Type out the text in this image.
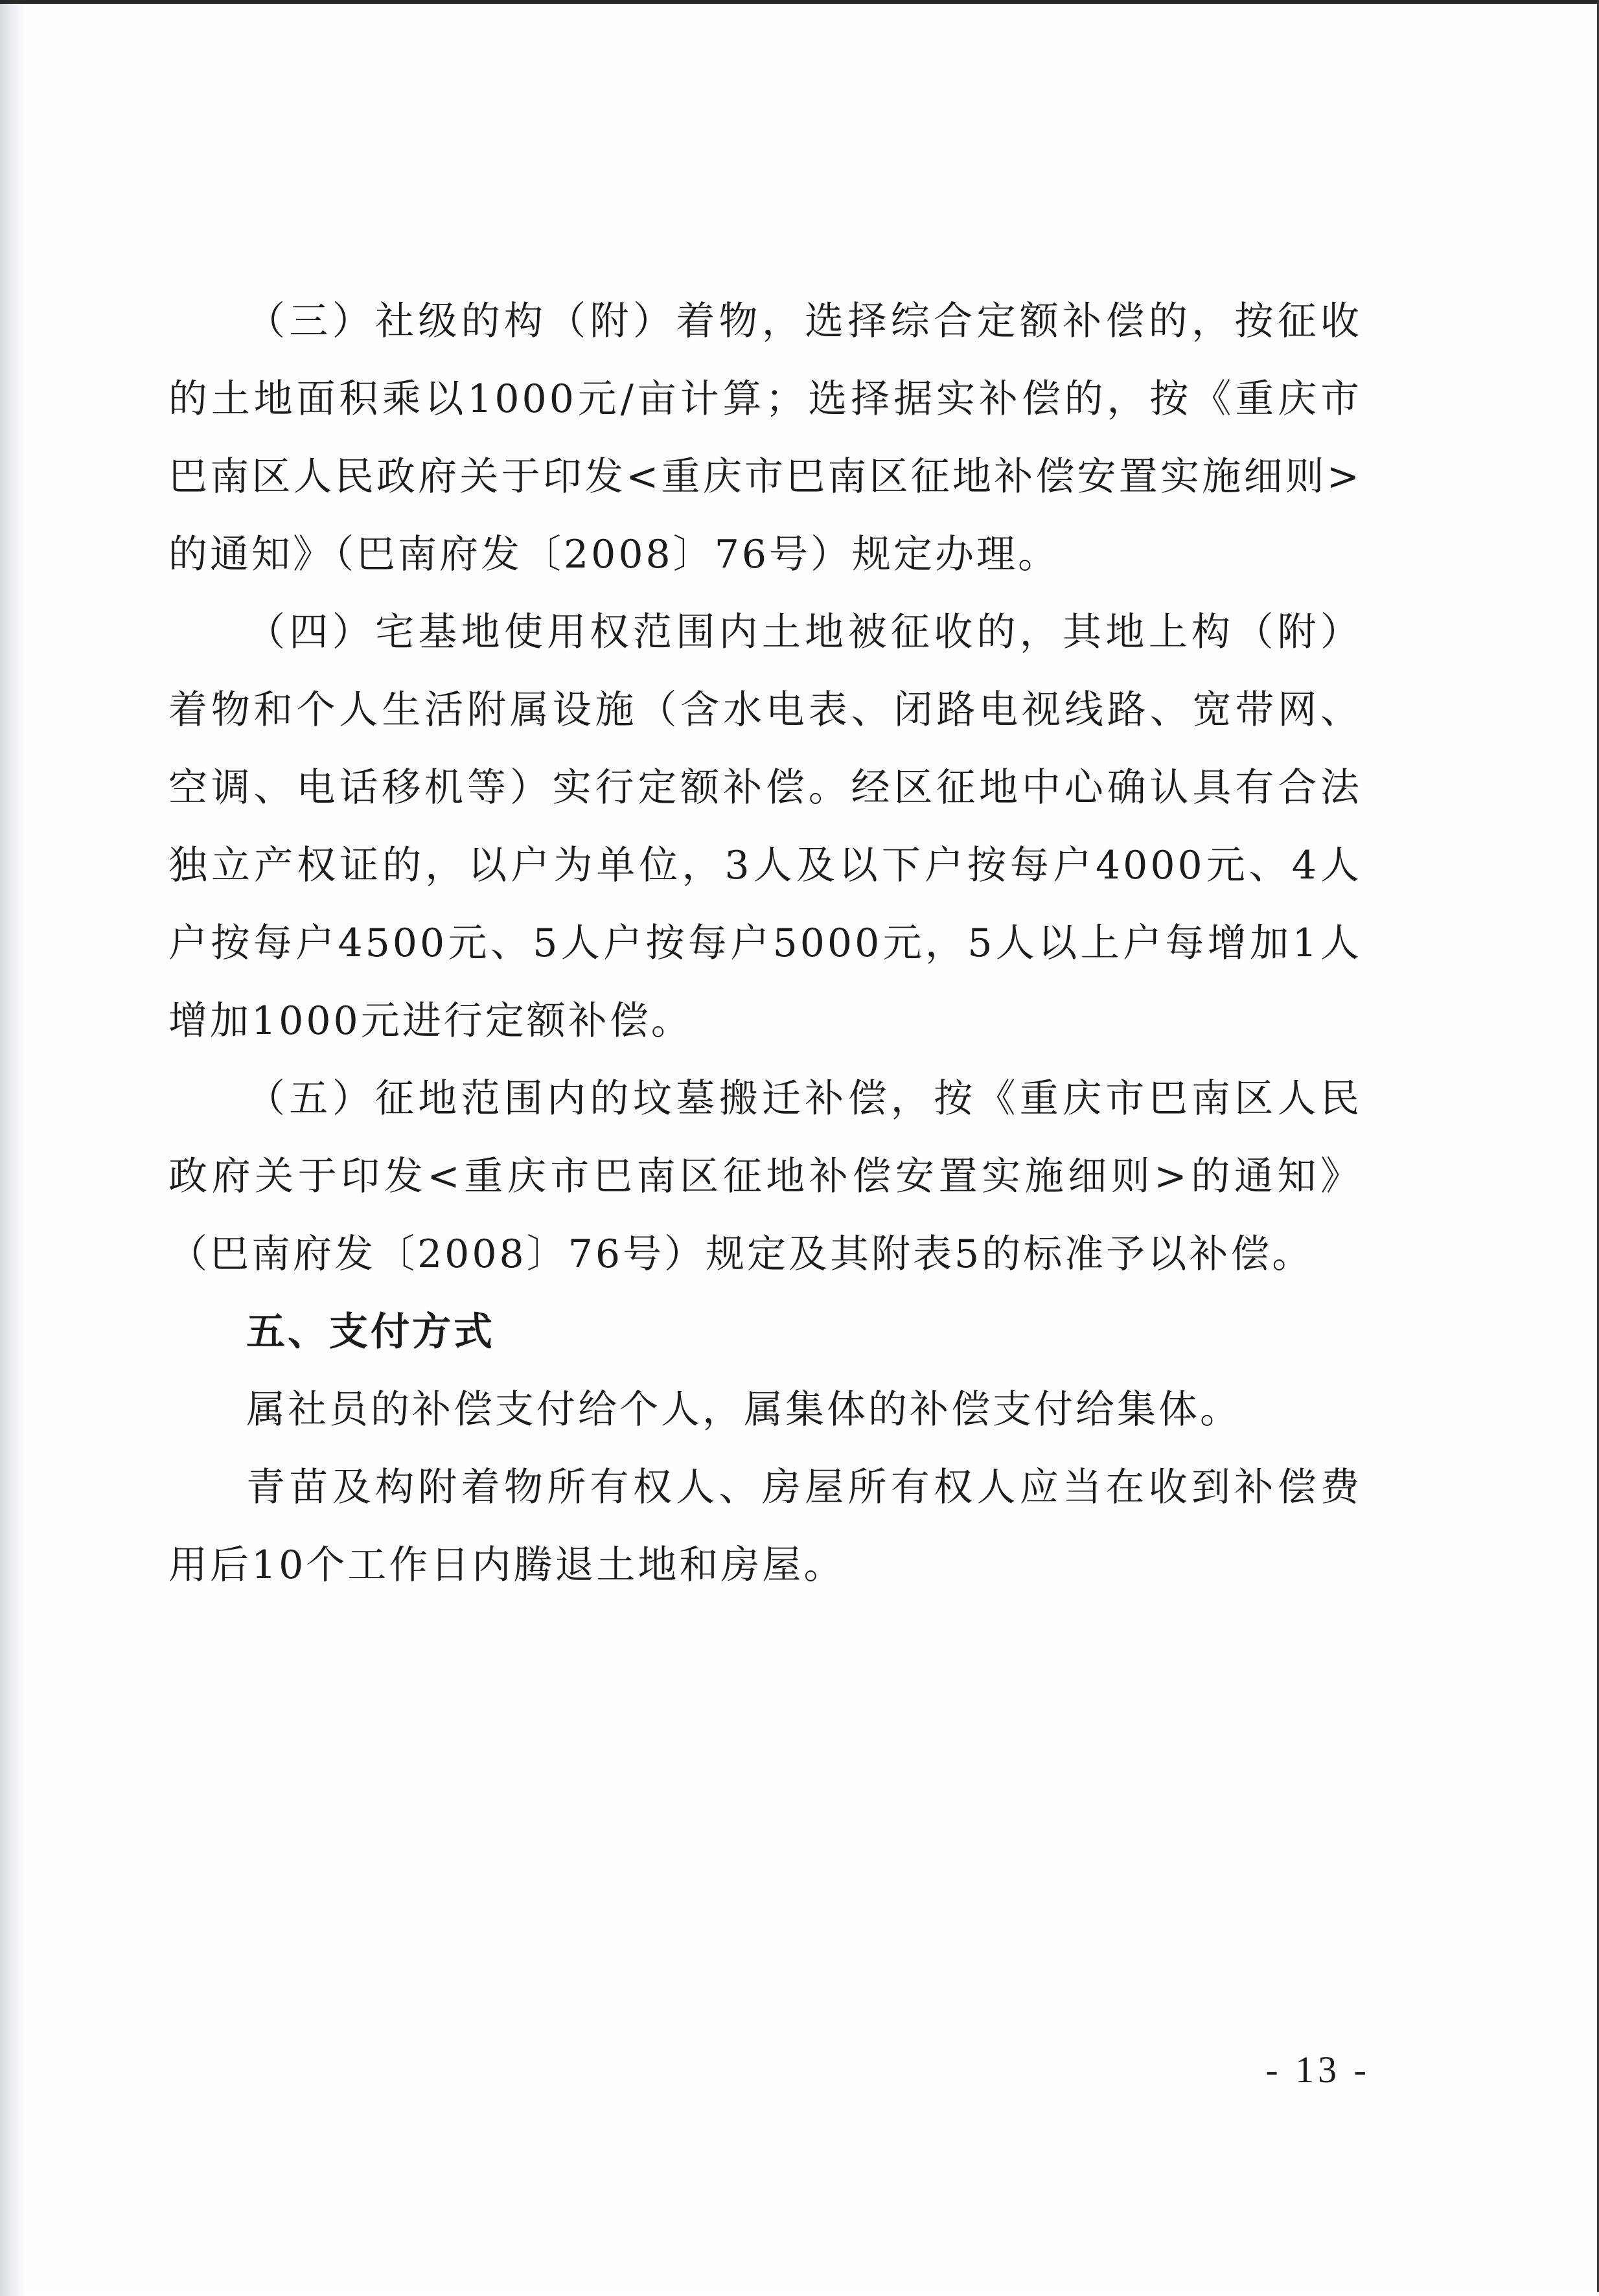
（三）社级的构（附）着物，选择综合定额补偿的，按征收的土地面积乘以1000元/亩计算；选择据实补偿的，按《重庆市巴南区人民政府关于印发<重庆市巴南区征地补偿安置实施细则>的通知》（巴南府发〔2008〕76号）规定办理。

（四）宅基地使用权范围内土地被征收的，其地上构（附）着物和个人生活附属设施（含水电表、闭路电视线路、宽带网、空调、电话移机等）实行定额补偿。经区征地中心确认具有合法独立产权证的，以户为单位，3人及以下户按每户4000元、4人户按每户4500元、5人户按每户5000元，5人以上户每增加1人增加1000元进行定额补偿。

（五）征地范围内的坟墓搬迁补偿，按《重庆市巴南区人民政府关于印发<重庆市巴南区征地补偿安置实施细则>的通知》（巴南府发〔2008〕76号）规定及其附表5的标准予以补偿。

五、支付方式

属社员的补偿支付给个人，属集体的补偿支付给集体。

青苗及构附着物所有权人、房屋所有权人应当在收到补偿费用后10个工作日内腾退土地和房屋。

- 13 -
